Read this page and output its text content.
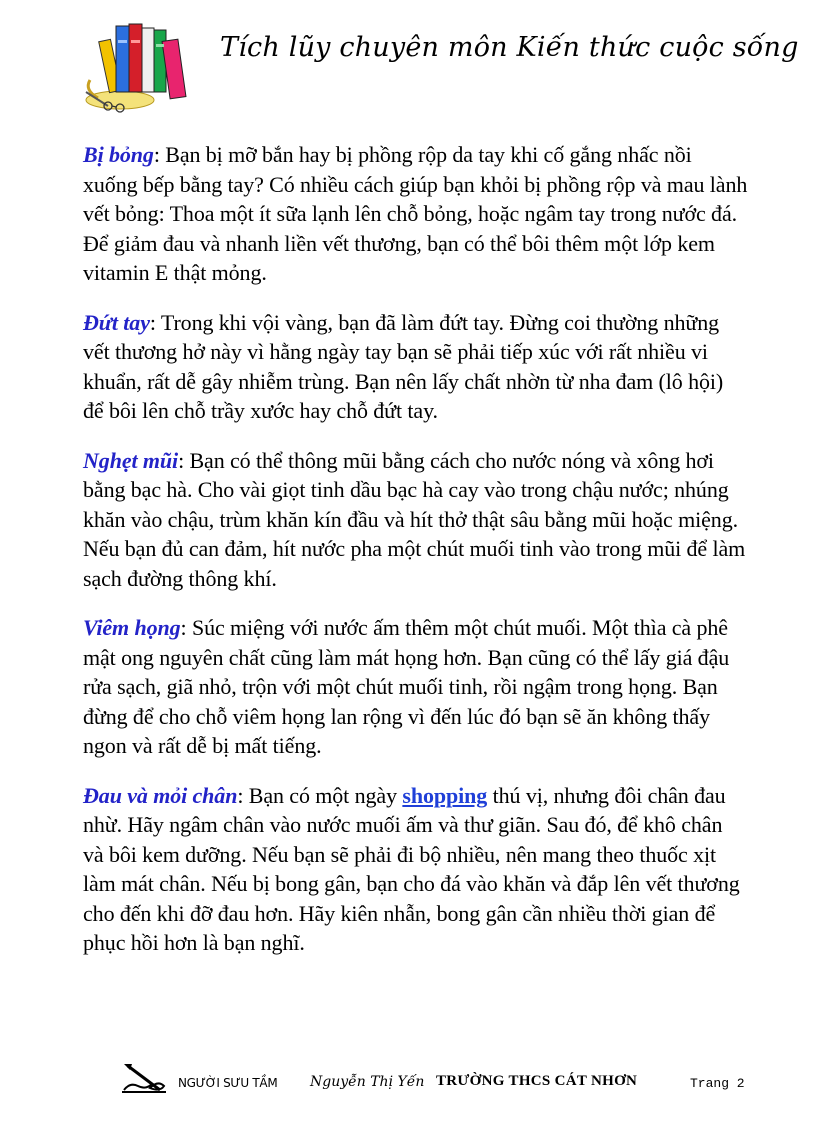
Tích lũy chuyên môn Kiến thức cuộc sống

Bị bỏng: Bạn bị mỡ bắn hay bị phồng rộp da tay khi cố gắng nhấc nồi xuống bếp bằng tay? Có nhiều cách giúp bạn khỏi bị phồng rộp và mau lành vết bỏng: Thoa một ít sữa lạnh lên chỗ bỏng, hoặc ngâm tay trong nước đá. Để giảm đau và nhanh liền vết thương, bạn có thể bôi thêm một lớp kem vitamin E thật mỏng.

Đứt tay: Trong khi vội vàng, bạn đã làm đứt tay. Đừng coi thường những vết thương hở này vì hằng ngày tay bạn sẽ phải tiếp xúc với rất nhiều vi khuẩn, rất dễ gây nhiễm trùng. Bạn nên lấy chất nhờn từ nha đam (lô hội) để bôi lên chỗ trầy xước hay chỗ đứt tay.

Nghẹt mũi: Bạn có thể thông mũi bằng cách cho nước nóng và xông hơi bằng bạc hà. Cho vài giọt tinh dầu bạc hà cay vào trong chậu nước; nhúng khăn vào chậu, trùm khăn kín đầu và hít thở thật sâu bằng mũi hoặc miệng. Nếu bạn đủ can đảm, hít nước pha một chút muối tinh vào trong mũi để làm sạch đường thông khí.

Viêm họng: Súc miệng với nước ấm thêm một chút muối. Một thìa cà phê mật ong nguyên chất cũng làm mát họng hơn. Bạn cũng có thể lấy giá đậu rửa sạch, giã nhỏ, trộn với một chút muối tinh, rồi ngậm trong họng. Bạn đừng để cho chỗ viêm họng lan rộng vì đến lúc đó bạn sẽ ăn không thấy ngon và rất dễ bị mất tiếng.

Đau và mỏi chân: Bạn có một ngày shopping thú vị, nhưng đôi chân đau nhừ. Hãy ngâm chân vào nước muối ấm và thư giãn. Sau đó, để khô chân và bôi kem dưỡng. Nếu bạn sẽ phải đi bộ nhiều, nên mang theo thuốc xịt làm mát chân. Nếu bị bong gân, bạn cho đá vào khăn và đắp lên vết thương cho đến khi đỡ đau hơn. Hãy kiên nhẫn, bong gân cần nhiều thời gian để phục hồi hơn là bạn nghĩ.

NGƯỜI SƯU TẦM Nguyễn Thị Yến TRƯỜNG THCS CÁT NHƠN	Trang 2
